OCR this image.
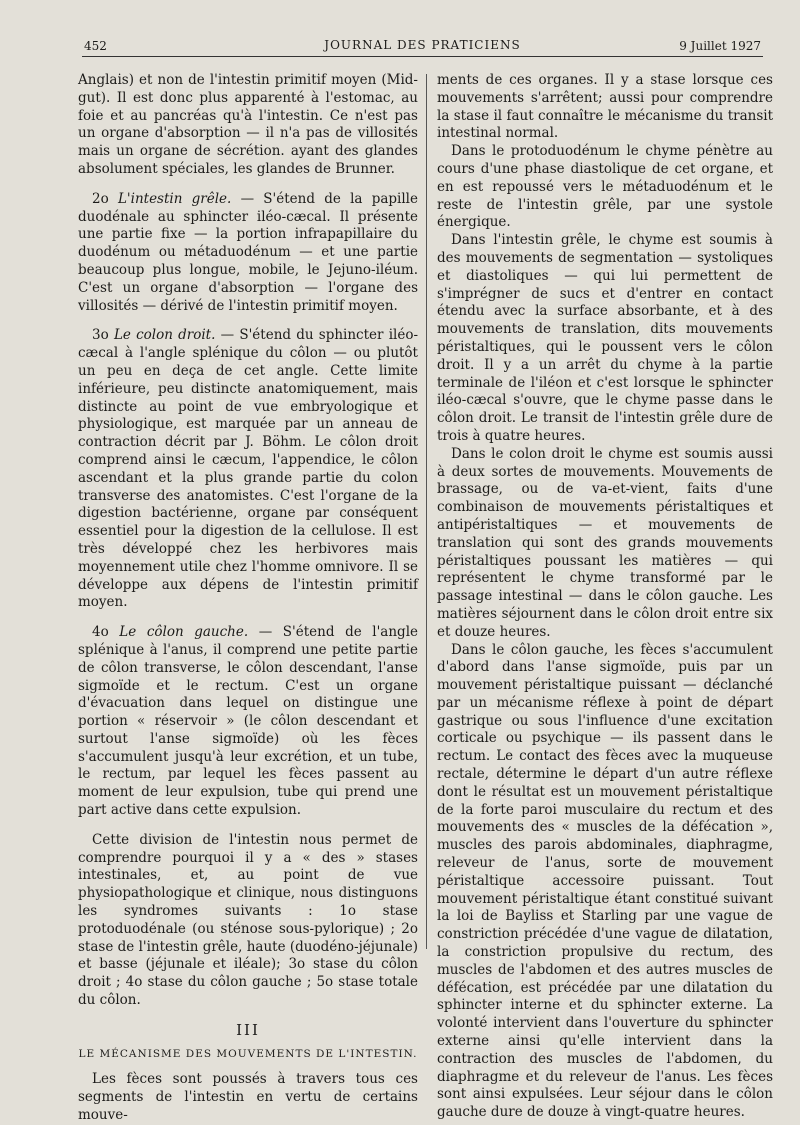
452	JOURNAL DES PRATICIENS	9 Juillet 1927

Anglais) et non de l'intestin primitif moyen (Mid-gut). Il est donc plus apparenté à l'estomac, au foie et au pancréas qu'à l'intestin. Ce n'est pas un organe d'absorption — il n'a pas de villosités mais un organe de sécrétion. ayant des glandes absolument spéciales, les glandes de Brunner.

2o L'intestin grêle. — S'étend de la papille duodénale au sphincter iléo-cæcal. Il présente une partie fixe — la portion infrapapillaire du duodénum ou métaduodénum — et une partie beaucoup plus longue, mobile, le Jejuno-iléum. C'est un organe d'absorption — l'organe des villosités — dérivé de l'intestin primitif moyen.

3o Le colon droit. — S'étend du sphincter iléo-cæcal à l'angle splénique du côlon — ou plutôt un peu en deça de cet angle. Cette limite inférieure, peu distincte anatomiquement, mais distincte au point de vue embryologique et physiologique, est marquée par un anneau de contraction décrit par J. Böhm. Le côlon droit comprend ainsi le cæcum, l'appendice, le côlon ascendant et la plus grande partie du colon transverse des anatomistes. C'est l'organe de la digestion bactérienne, organe par conséquent essentiel pour la digestion de la cellulose. Il est très développé chez les herbivores mais moyennement utile chez l'homme omnivore. Il se développe aux dépens de l'intestin primitif moyen.

4o Le côlon gauche. — S'étend de l'angle splénique à l'anus, il comprend une petite partie de côlon transverse, le côlon descendant, l'anse sigmoïde et le rectum. C'est un organe d'évacuation dans lequel on distingue une portion « réservoir » (le côlon descendant et surtout l'anse sigmoïde) où les fèces s'accumulent jusqu'à leur excrétion, et un tube, le rectum, par lequel les fèces passent au moment de leur expulsion, tube qui prend une part active dans cette expulsion.

Cette division de l'intestin nous permet de comprendre pourquoi il y a « des » stases intestinales, et, au point de vue physiopathologique et clinique, nous distinguons les syndromes suivants : 1o stase protoduodénale (ou sténose sous-pylorique) ; 2o stase de l'intestin grêle, haute (duodéno-jéjunale) et basse (jéjunale et iléale); 3o stase du côlon droit ; 4o stase du côlon gauche ; 5o stase totale du côlon.

III
LE MÉCANISME DES MOUVEMENTS DE L'INTESTIN.

Les fèces sont poussés à travers tous ces segments de l'intestin en vertu de certains mouve-

ments de ces organes. Il y a stase lorsque ces mouvements s'arrêtent; aussi pour comprendre la stase il faut connaître le mécanisme du transit intestinal normal.

Dans le protoduodénum le chyme pénètre au cours d'une phase diastolique de cet organe, et en est repoussé vers le métaduodénum et le reste de l'intestin grêle, par une systole énergique.

Dans l'intestin grêle, le chyme est soumis à des mouvements de segmentation — systoliques et diastoliques — qui lui permettent de s'imprégner de sucs et d'entrer en contact étendu avec la surface absorbante, et à des mouvements de translation, dits mouvements péristaltiques, qui le poussent vers le côlon droit. Il y a un arrêt du chyme à la partie terminale de l'iléon et c'est lorsque le sphincter iléo-cæcal s'ouvre, que le chyme passe dans le côlon droit. Le transit de l'intestin grêle dure de trois à quatre heures.

Dans le colon droit le chyme est soumis aussi à deux sortes de mouvements. Mouvements de brassage, ou de va-et-vient, faits d'une combinaison de mouvements péristaltiques et antipéristaltiques — et mouvements de translation qui sont des grands mouvements péristaltiques poussant les matières — qui représentent le chyme transformé par le passage intestinal — dans le côlon gauche. Les matières séjournent dans le côlon droit entre six et douze heures.

Dans le côlon gauche, les fèces s'accumulent d'abord dans l'anse sigmoïde, puis par un mouvement péristaltique puissant — déclanché par un mécanisme réflexe à point de départ gastrique ou sous l'influence d'une excitation corticale ou psychique — ils passent dans le rectum. Le contact des fèces avec la muqueuse rectale, détermine le départ d'un autre réflexe dont le résultat est un mouvement péristaltique de la forte paroi musculaire du rectum et des mouvements des « muscles de la défécation », muscles des parois abdominales, diaphragme, releveur de l'anus, sorte de mouvement péristaltique accessoire puissant. Tout mouvement péristaltique étant constitué suivant la loi de Bayliss et Starling par une vague de constriction précédée d'une vague de dilatation, la constriction propulsive du rectum, des muscles de l'abdomen et des autres muscles de défécation, est précédée par une dilatation du sphincter interne et du sphincter externe. La volonté intervient dans l'ouverture du sphincter externe ainsi qu'elle intervient dans la contraction des muscles de l'abdomen, du diaphragme et du releveur de l'anus. Les fèces sont ainsi expulsées. Leur séjour dans le côlon gauche dure de douze à vingt-quatre heures.
